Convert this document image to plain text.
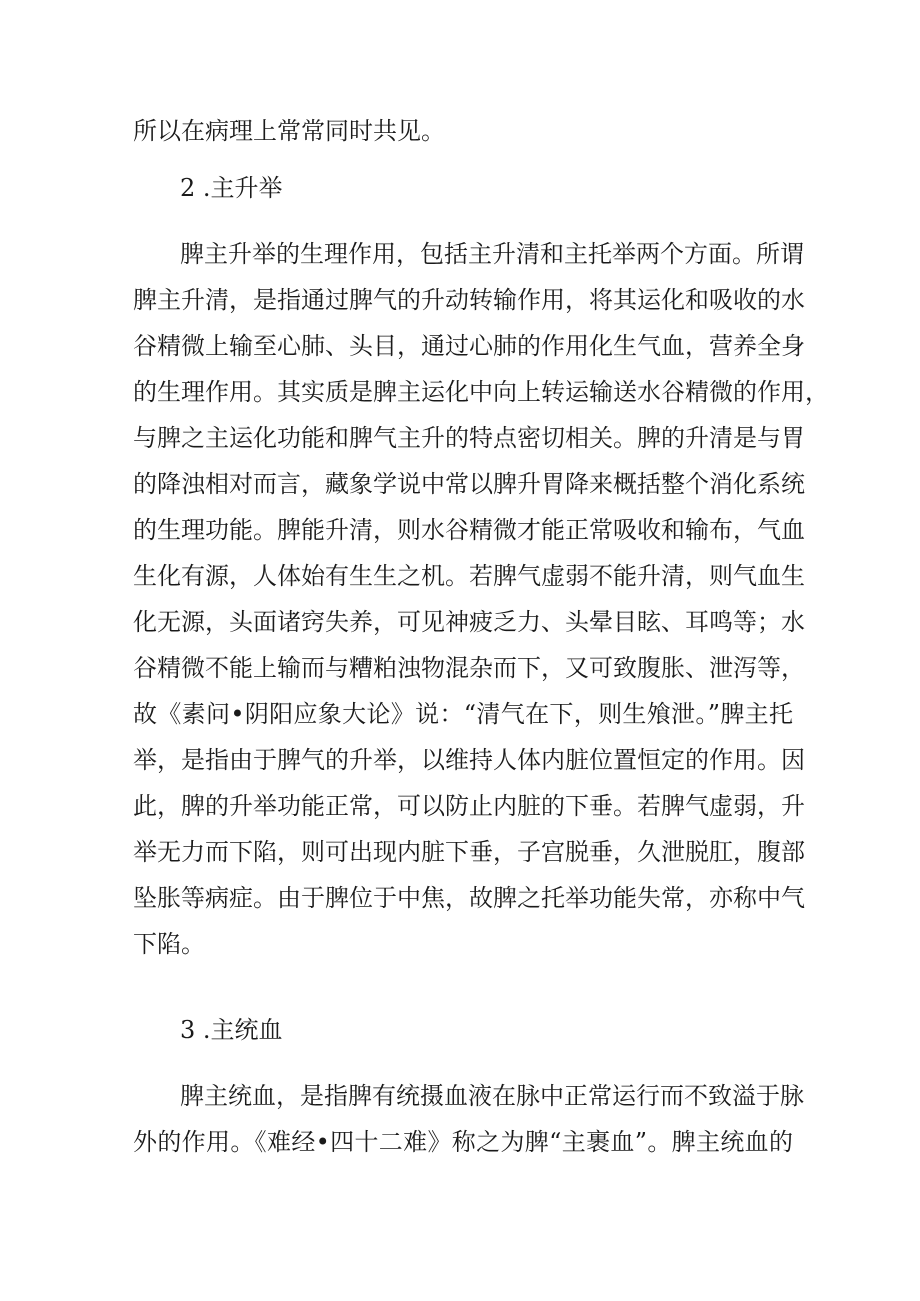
所以在病理上常常同时共见。
2 .主升举
脾主升举的生理作用，包括主升清和主托举两个方面。所谓
脾主升清，是指通过脾气的升动转输作用，将其运化和吸收的水
谷精微上输至心肺、头目，通过心肺的作用化生气血，营养全身
的生理作用。其实质是脾主运化中向上转运输送水谷精微的作用，
与脾之主运化功能和脾气主升的特点密切相关。脾的升清是与胃
的降浊相对而言，藏象学说中常以脾升胃降来概括整个消化系统
的生理功能。脾能升清，则水谷精微才能正常吸收和输布，气血
生化有源，人体始有生生之机。若脾气虚弱不能升清，则气血生
化无源，头面诸窍失养，可见神疲乏力、头晕目眩、耳鸣等；水
谷精微不能上输而与糟粕浊物混杂而下，又可致腹胀、泄泻等，
故《素问•阴阳应象大论》说：“清气在下，则生飧泄。”脾主托
举，是指由于脾气的升举，以维持人体内脏位置恒定的作用。因
此，脾的升举功能正常，可以防止内脏的下垂。若脾气虚弱，升
举无力而下陷，则可出现内脏下垂，子宫脱垂，久泄脱肛，腹部
坠胀等病症。由于脾位于中焦，故脾之托举功能失常，亦称中气
下陷。
3 .主统血
脾主统血，是指脾有统摄血液在脉中正常运行而不致溢于脉
外的作用。《难经•四十二难》称之为脾“主裹血”。脾主统血的
